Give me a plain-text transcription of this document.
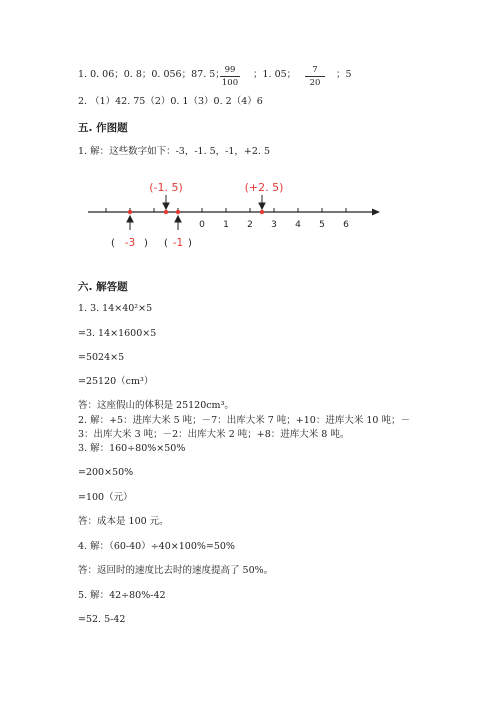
1. 0. 06；0. 8；0. 056；87. 5； 99
100
；1. 05；	7
20
；5
2. （1）42. 75（2）0. 1（3）0. 2（4）6
五. 作图题
1. 解：这些数字如下：-3，-1. 5，-1，+2. 5
0 1 2 3 4 5 6
(-1. 5)	(+2. 5)
( -3 ) ( -1 )
六. 解答题
1. 3. 14×40²×5
=3. 14×1600×5
=5024×5
=25120（cm³）
答：这座假山的体积是 25120cm³。
2. 解：+5：进库大米 5 吨；－7：出库大米 7 吨；+10：进库大米 10 吨；－
3：出库大米 3 吨；－2：出库大米 2 吨；+8：进库大米 8 吨。
3. 解：160÷80%×50%
=200×50%
=100（元）
答：成本是 100 元。
4. 解：（60-40）÷40×100%=50%
答：返回时的速度比去时的速度提高了 50%。
5. 解：42÷80%-42
=52. 5-42
